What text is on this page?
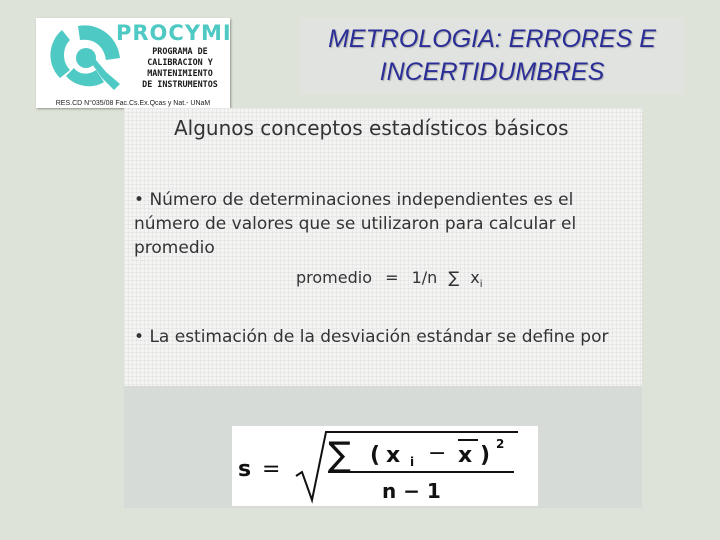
PROCYMI
PROGRAMA DE
CALIBRACION Y
MANTENIMIENTO
DE INSTRUMENTOS
RES.CD N°035/08 Fac.Cs.Ex.Qcas y Nat.- UNaM
METROLOGIA: ERRORES E
INCERTIDUMBRES
Algunos conceptos estadísticos básicos
• Número de determinaciones independientes es el número de valores que se utilizaron para calcular el promedio
promedio = 1/n ∑ $x_i$
• La estimación de la desviación estándar se define por
s = ∑ ( x i − x ) 2
n − 1
